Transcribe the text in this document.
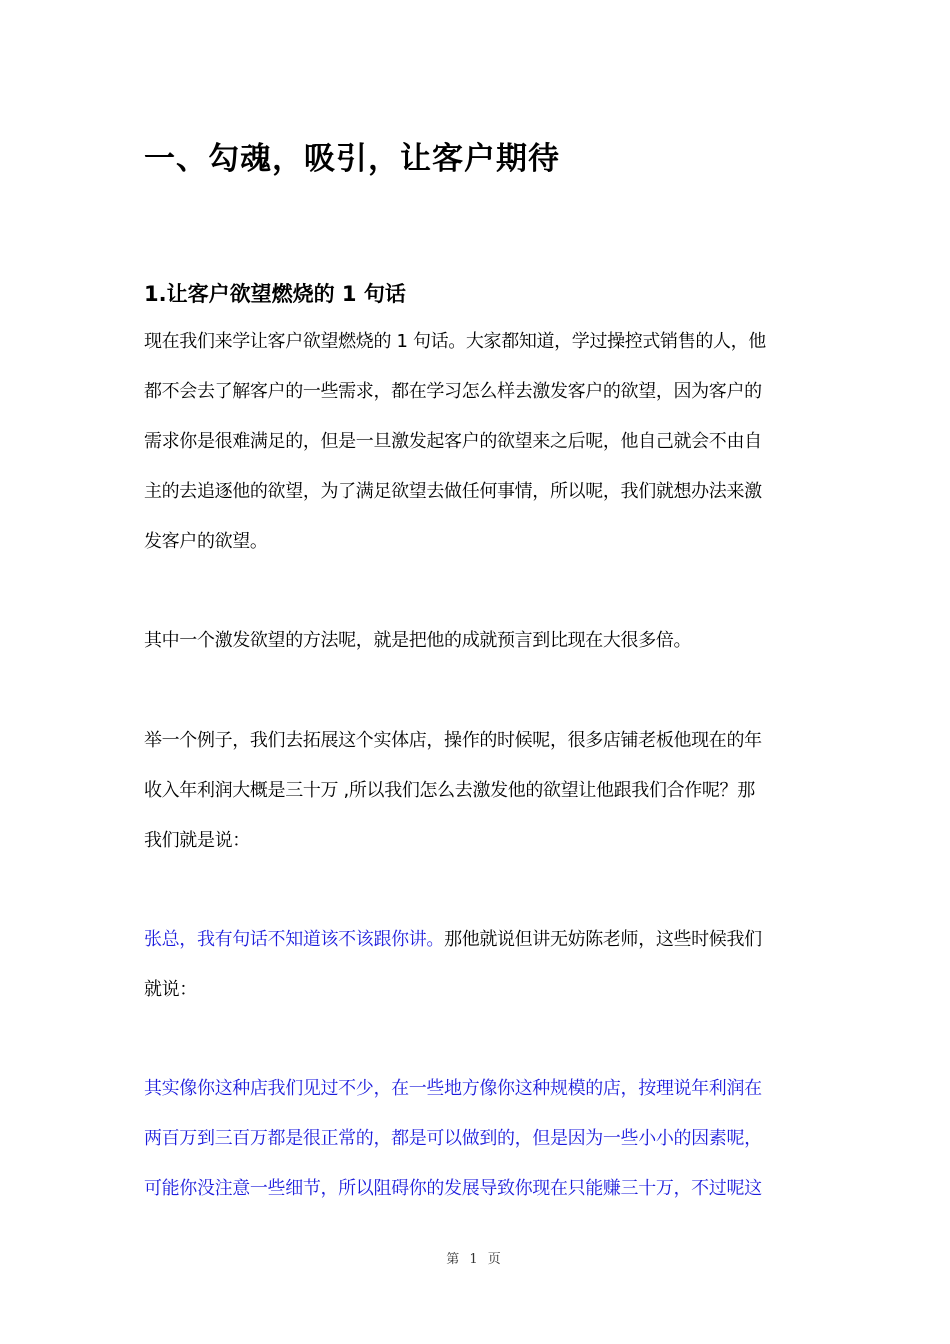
一、勾魂，吸引，让客户期待
1.让客户欲望燃烧的 1 句话
现在我们来学让客户欲望燃烧的 1 句话。大家都知道，学过操控式销售的人，他
都不会去了解客户的一些需求，都在学习怎么样去激发客户的欲望，因为客户的
需求你是很难满足的，但是一旦激发起客户的欲望来之后呢，他自己就会不由自
主的去追逐他的欲望，为了满足欲望去做任何事情，所以呢，我们就想办法来激
发客户的欲望。
其中一个激发欲望的方法呢，就是把他的成就预言到比现在大很多倍。
举一个例子，我们去拓展这个实体店，操作的时候呢，很多店铺老板他现在的年
收入年利润大概是三十万 ,所以我们怎么去激发他的欲望让他跟我们合作呢？那
我们就是说：
张总，我有句话不知道该不该跟你讲。那他就说但讲无妨陈老师，这些时候我们
就说：
其实像你这种店我们见过不少，在一些地方像你这种规模的店，按理说年利润在
两百万到三百万都是很正常的，都是可以做到的，但是因为一些小小的因素呢，
可能你没注意一些细节，所以阻碍你的发展导致你现在只能赚三十万，不过呢这
第 1 页
